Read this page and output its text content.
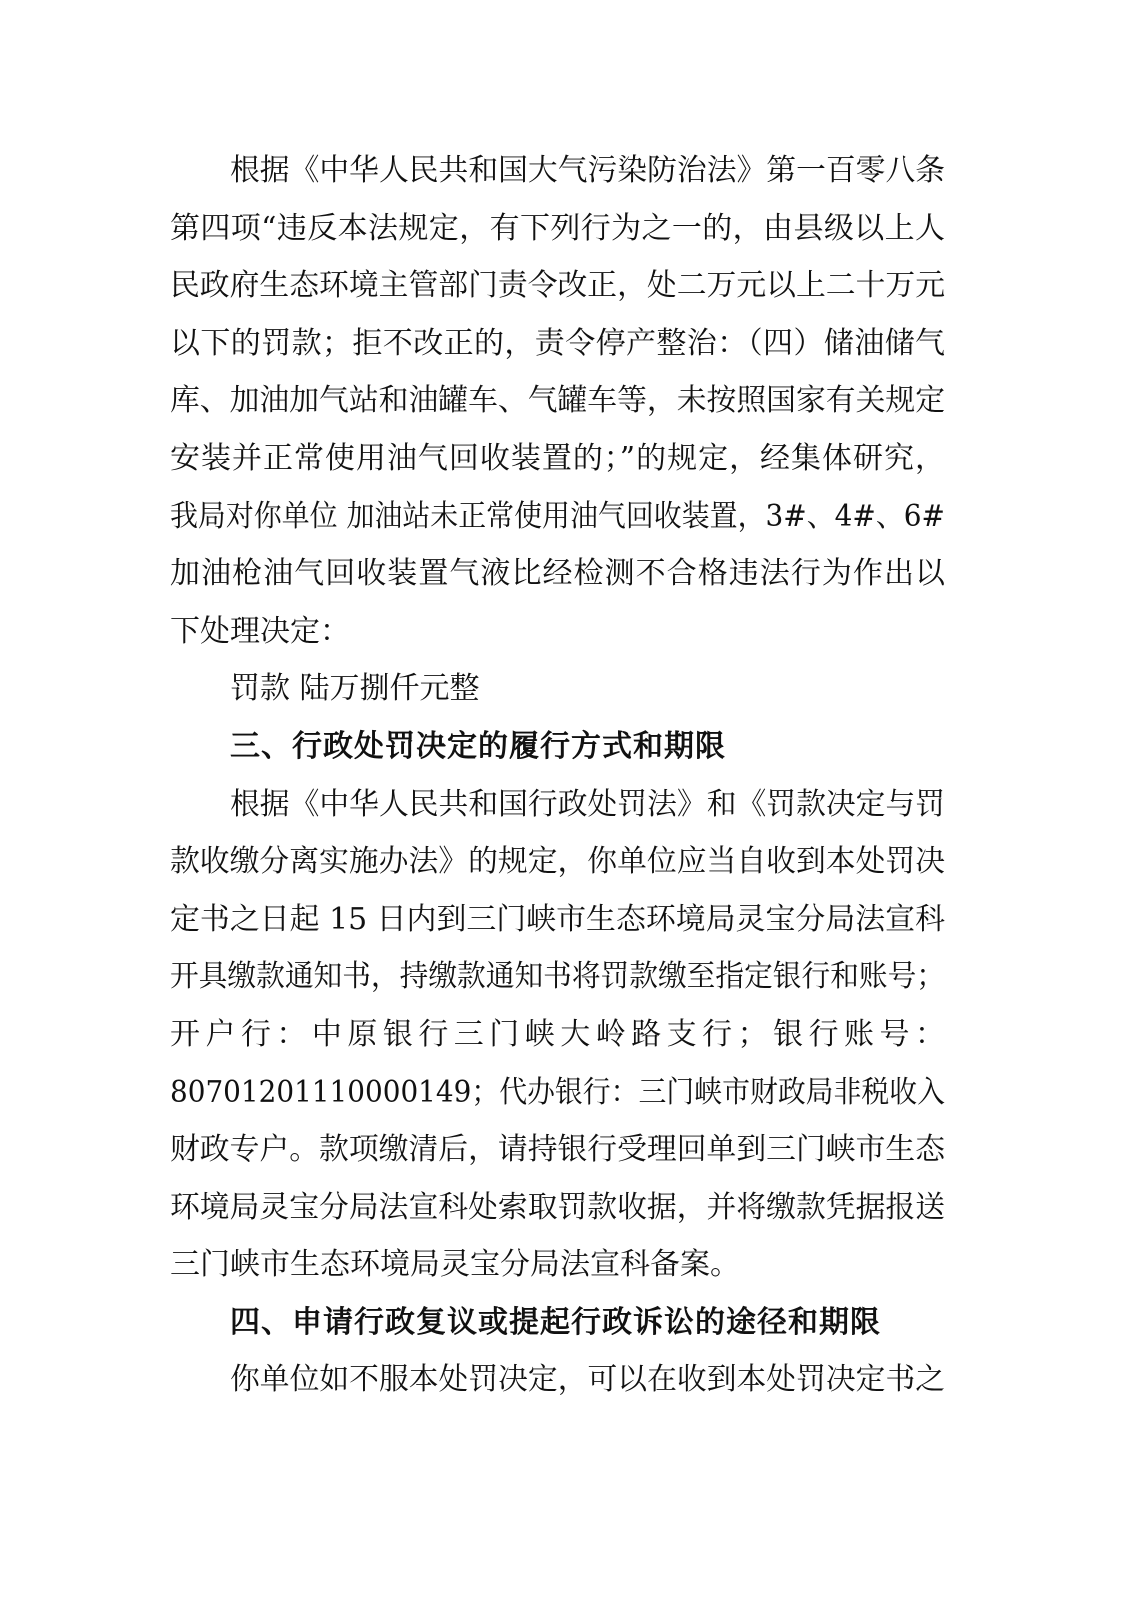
根据《中华人民共和国大气污染防治法》第一百零八条
第四项“违反本法规定，有下列行为之一的，由县级以上人
民政府生态环境主管部门责令改正，处二万元以上二十万元
以下的罚款；拒不改正的，责令停产整治：（四）储油储气
库、加油加气站和油罐车、气罐车等，未按照国家有关规定
安装并正常使用油气回收装置的；”的规定，经集体研究，
我局对你单位 加油站未正常使用油气回收装置，3#、4#、6#
加油枪油气回收装置气液比经检测不合格违法行为作出以
下处理决定：
罚款 陆万捌仟元整
三、行政处罚决定的履行方式和期限
根据《中华人民共和国行政处罚法》和《罚款决定与罚
款收缴分离实施办法》的规定，你单位应当自收到本处罚决
定书之日起 15 日内到三门峡市生态环境局灵宝分局法宣科
开具缴款通知书，持缴款通知书将罚款缴至指定银行和账号；
开户行：中原银行三门峡大岭路支行；银行账号：
80701201110000149；代办银行：三门峡市财政局非税收入
财政专户。款项缴清后，请持银行受理回单到三门峡市生态
环境局灵宝分局法宣科处索取罚款收据，并将缴款凭据报送
三门峡市生态环境局灵宝分局法宣科备案。
四、申请行政复议或提起行政诉讼的途径和期限
你单位如不服本处罚决定，可以在收到本处罚决定书之
